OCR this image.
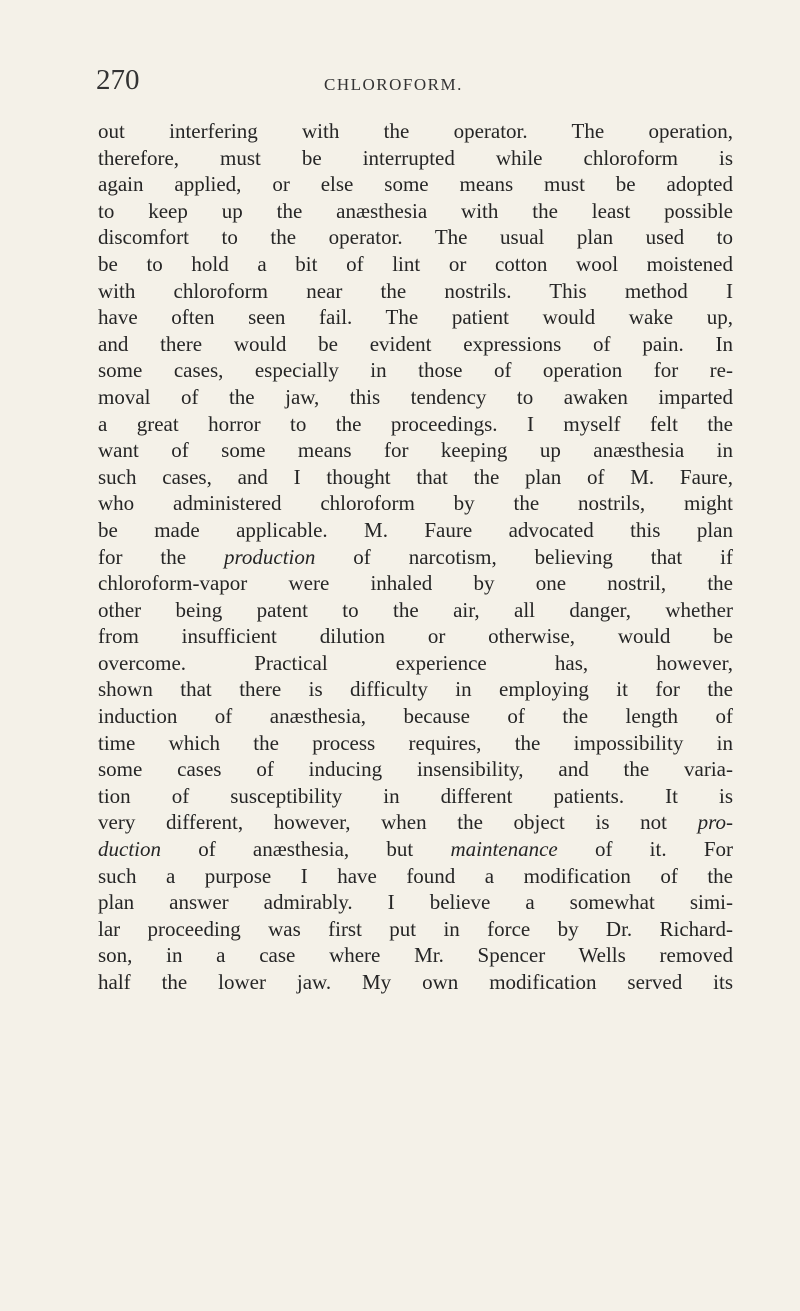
270	CHLOROFORM.
out interfering with the operator. The operation,
therefore, must be interrupted while chloroform is
again applied, or else some means must be adopted
to keep up the anæsthesia with the least possible
discomfort to the operator. The usual plan used to
be to hold a bit of lint or cotton wool moistened
with chloroform near the nostrils. This method I
have often seen fail. The patient would wake up,
and there would be evident expressions of pain. In
some cases, especially in those of operation for re-
moval of the jaw, this tendency to awaken imparted
a great horror to the proceedings. I myself felt the
want of some means for keeping up anæsthesia in
such cases, and I thought that the plan of M. Faure,
who administered chloroform by the nostrils, might
be made applicable. M. Faure advocated this plan
for the production of narcotism, believing that if
chloroform-vapor were inhaled by one nostril, the
other being patent to the air, all danger, whether
from insufficient dilution or otherwise, would be
overcome. Practical experience has, however,
shown that there is difficulty in employing it for the
induction of anæsthesia, because of the length of
time which the process requires, the impossibility in
some cases of inducing insensibility, and the varia-
tion of susceptibility in different patients. It is
very different, however, when the object is not pro-
duction of anæsthesia, but maintenance of it. For
such a purpose I have found a modification of the
plan answer admirably. I believe a somewhat simi-
lar proceeding was first put in force by Dr. Richard-
son, in a case where Mr. Spencer Wells removed
half the lower jaw. My own modification served its
